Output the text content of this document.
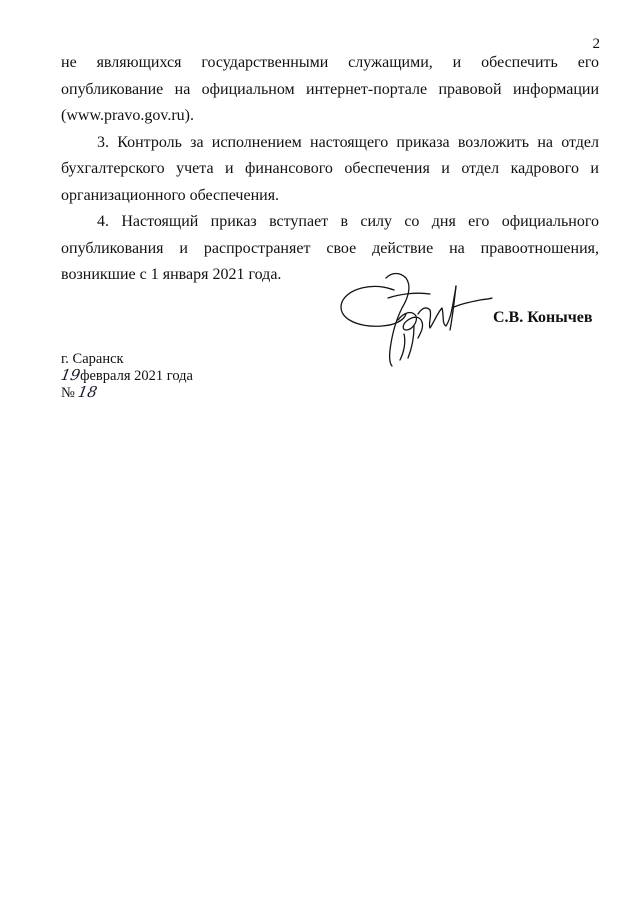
2

не являющихся государственными служащими, и обеспечить его опубликование на официальном интернет-портале правовой информации (www.pravo.gov.ru).

3. Контроль за исполнением настоящего приказа возложить на отдел бухгалтерского учета и финансового обеспечения и отдел кадрового и организационного обеспечения.

4. Настоящий приказ вступает в силу со дня его официального опубликования и распространяет свое действие на правоотношения, возникшие с 1 января 2021 года.

С.В. Конычев
г. Саранск
19февраля 2021 года
№ 18
